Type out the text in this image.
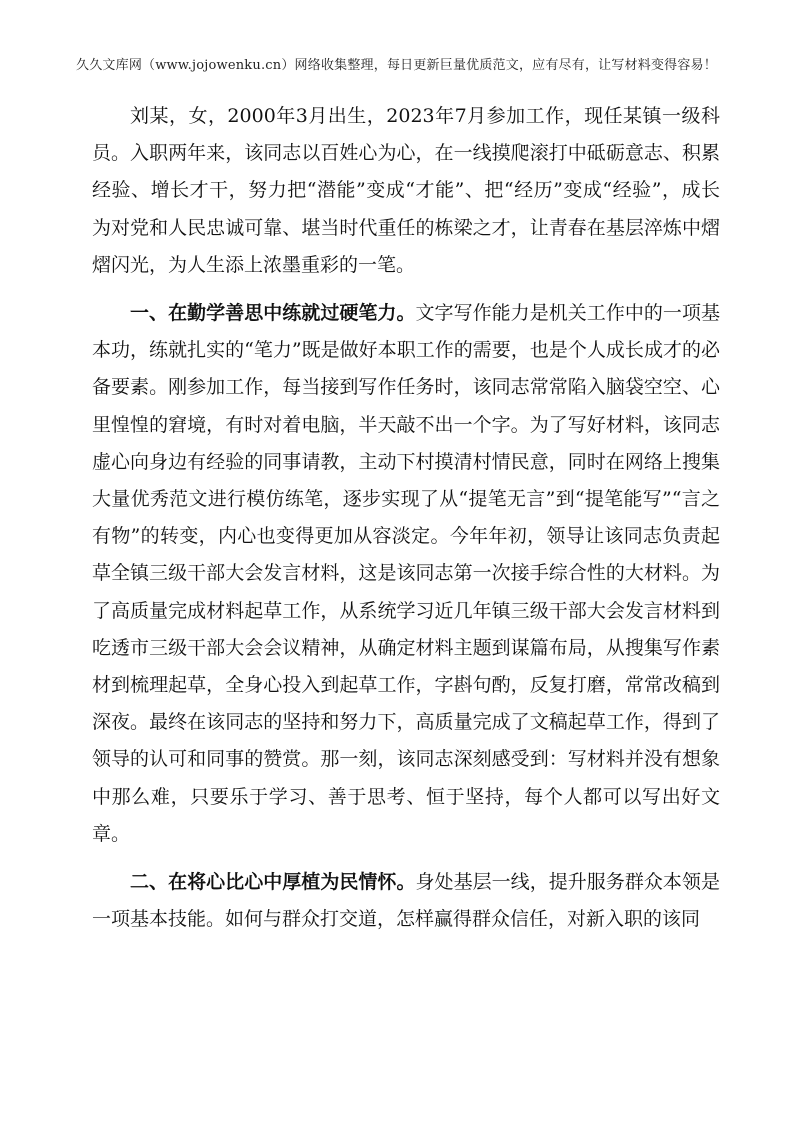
久久文库网（www.jojowenku.cn）网络收集整理，每日更新巨量优质范文，应有尽有，让写材料变得容易！

刘某，女，2000年3月出生，2023年7月参加工作，现任某镇一级科员。入职两年来，该同志以百姓心为心，在一线摸爬滚打中砥砺意志、积累经验、增长才干，努力把“潜能”变成“才能”、把“经历”变成“经验”，成长为对党和人民忠诚可靠、堪当时代重任的栋梁之才，让青春在基层淬炼中熠熠闪光，为人生添上浓墨重彩的一笔。

一、在勤学善思中练就过硬笔力。文字写作能力是机关工作中的一项基本功，练就扎实的“笔力”既是做好本职工作的需要，也是个人成长成才的必备要素。刚参加工作，每当接到写作任务时，该同志常常陷入脑袋空空、心里惶惶的窘境，有时对着电脑，半天敲不出一个字。为了写好材料，该同志虚心向身边有经验的同事请教，主动下村摸清村情民意，同时在网络上搜集大量优秀范文进行模仿练笔，逐步实现了从“提笔无言”到“提笔能写”“言之有物”的转变，内心也变得更加从容淡定。今年年初，领导让该同志负责起草全镇三级干部大会发言材料，这是该同志第一次接手综合性的大材料。为了高质量完成材料起草工作，从系统学习近几年镇三级干部大会发言材料到吃透市三级干部大会会议精神，从确定材料主题到谋篇布局，从搜集写作素材到梳理起草，全身心投入到起草工作，字斟句酌，反复打磨，常常改稿到深夜。最终在该同志的坚持和努力下，高质量完成了文稿起草工作，得到了领导的认可和同事的赞赏。那一刻，该同志深刻感受到：写材料并没有想象中那么难，只要乐于学习、善于思考、恒于坚持，每个人都可以写出好文章。

二、在将心比心中厚植为民情怀。身处基层一线，提升服务群众本领是一项基本技能。如何与群众打交道，怎样赢得群众信任，对新入职的该同
